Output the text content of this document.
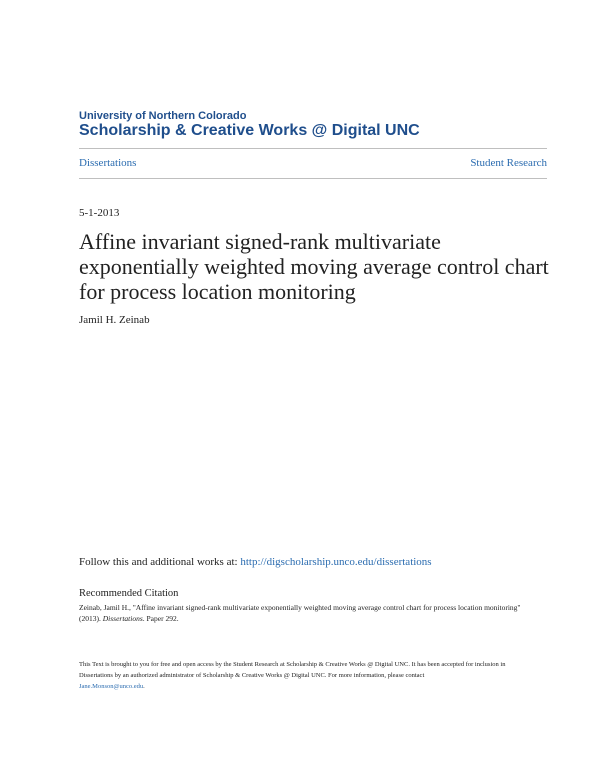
University of Northern Colorado
Scholarship & Creative Works @ Digital UNC
Dissertations	Student Research
5-1-2013
Affine invariant signed-rank multivariate exponentially weighted moving average control chart for process location monitoring
Jamil H. Zeinab
Follow this and additional works at: http://digscholarship.unco.edu/dissertations
Recommended Citation
Zeinab, Jamil H., "Affine invariant signed-rank multivariate exponentially weighted moving average control chart for process location monitoring" (2013). Dissertations. Paper 292.
This Text is brought to you for free and open access by the Student Research at Scholarship & Creative Works @ Digital UNC. It has been accepted for inclusion in Dissertations by an authorized administrator of Scholarship & Creative Works @ Digital UNC. For more information, please contact
Jane.Monson@unco.edu.
